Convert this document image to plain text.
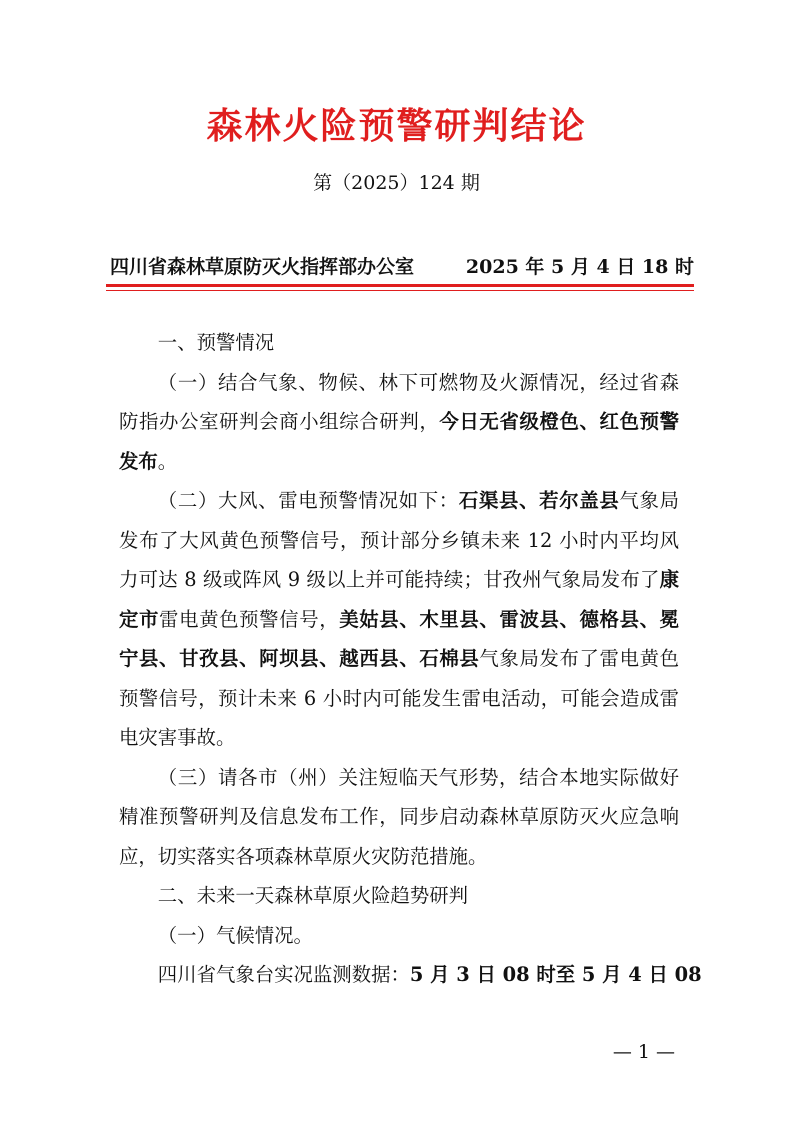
森林火险预警研判结论
第（2025）124 期
四川省森林草原防灭火指挥部办公室	2025 年 5 月 4 日 18 时

一、预警情况

（一）结合气象、物候、林下可燃物及火源情况，经过省森防指办公室研判会商小组综合研判，今日无省级橙色、红色预警发布。

（二）大风、雷电预警情况如下：石渠县、若尔盖县气象局发布了大风黄色预警信号，预计部分乡镇未来 12 小时内平均风力可达 8 级或阵风 9 级以上并可能持续；甘孜州气象局发布了康定市雷电黄色预警信号，美姑县、木里县、雷波县、德格县、冕宁县、甘孜县、阿坝县、越西县、石棉县气象局发布了雷电黄色预警信号，预计未来 6 小时内可能发生雷电活动，可能会造成雷电灾害事故。

（三）请各市（州）关注短临天气形势，结合本地实际做好精准预警研判及信息发布工作，同步启动森林草原防灭火应急响应，切实落实各项森林草原火灾防范措施。

二、未来一天森林草原火险趋势研判

（一）气候情况。

四川省气象台实况监测数据：5 月 3 日 08 时至 5 月 4 日 08

— 1 —
